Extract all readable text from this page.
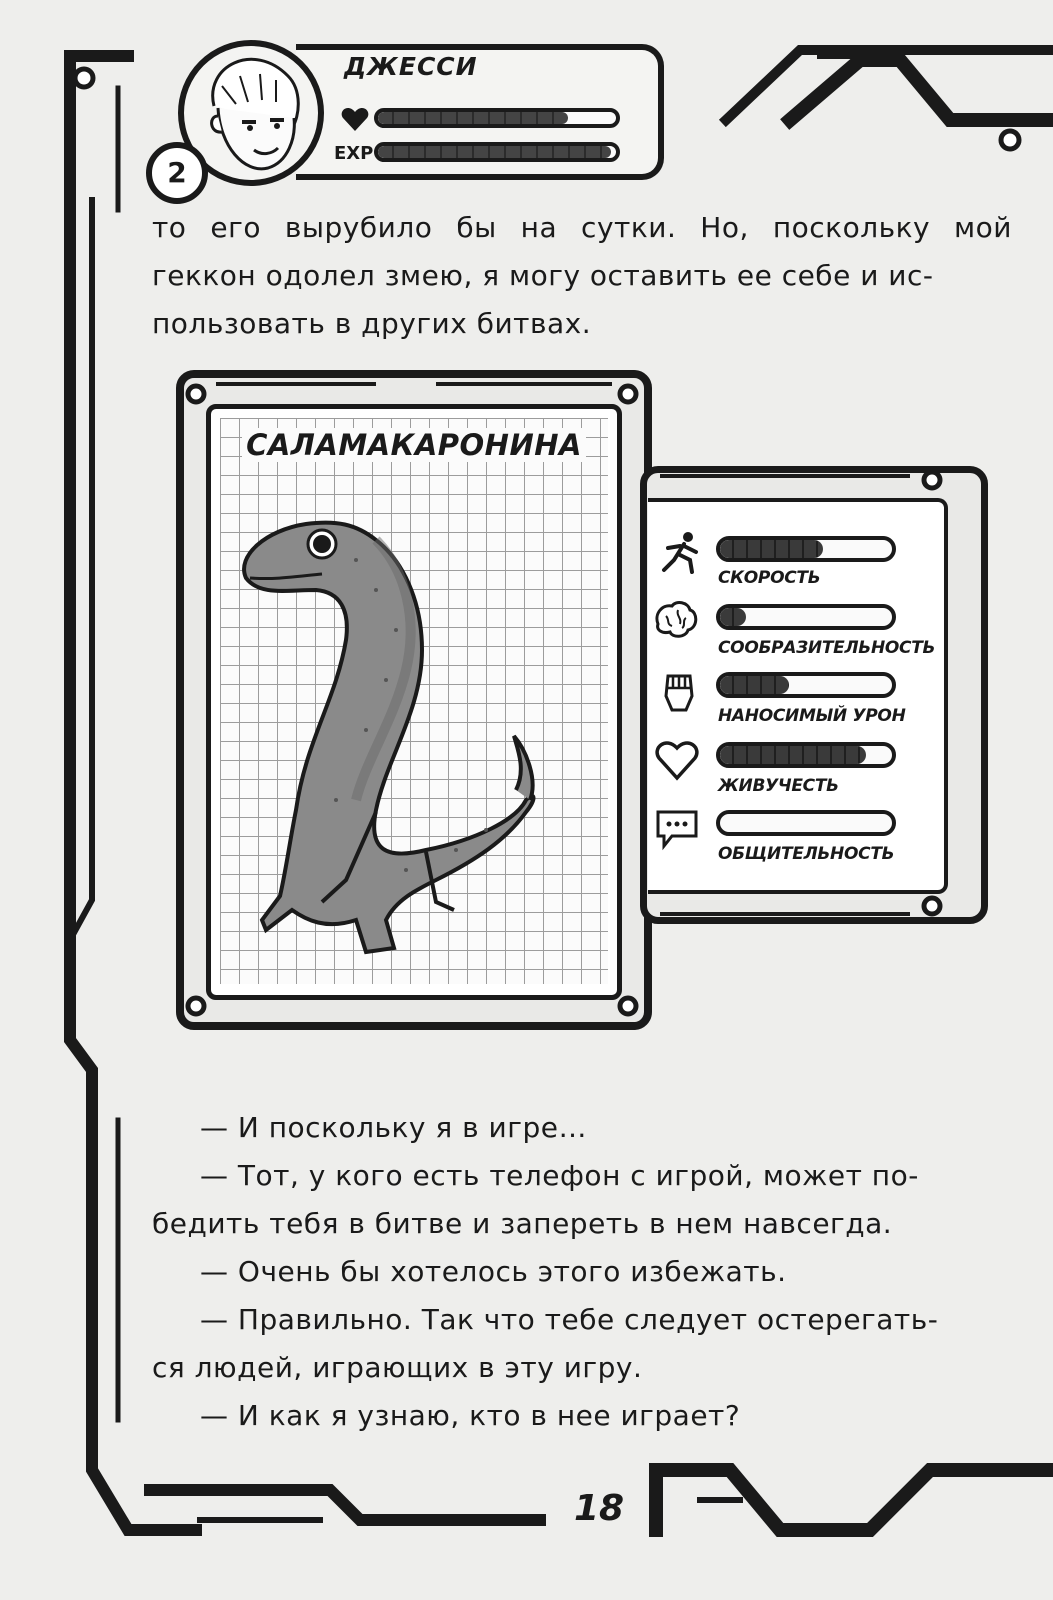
2
ДЖЕССИ
EXP
то его вырубило бы на сутки. Но, поскольку мой
геккон одолел змею, я могу оставить ее себе и ис-
пользовать в других битвах.
САЛАМАКАРОНИНА
СКОРОСТЬ
СООБРАЗИТЕЛЬНОСТЬ
НАНОСИМЫЙ УРОН
ЖИВУЧЕСТЬ
ОБЩИТЕЛЬНОСТЬ
— И поскольку я в игре…
— Тот, у кого есть телефон с игрой, может по-
бедить тебя в битве и запереть в нем навсегда.
— Очень бы хотелось этого избежать.
— Правильно. Так что тебе следует остерегать-
ся людей, играющих в эту игру.
— И как я узнаю, кто в нее играет?
18
